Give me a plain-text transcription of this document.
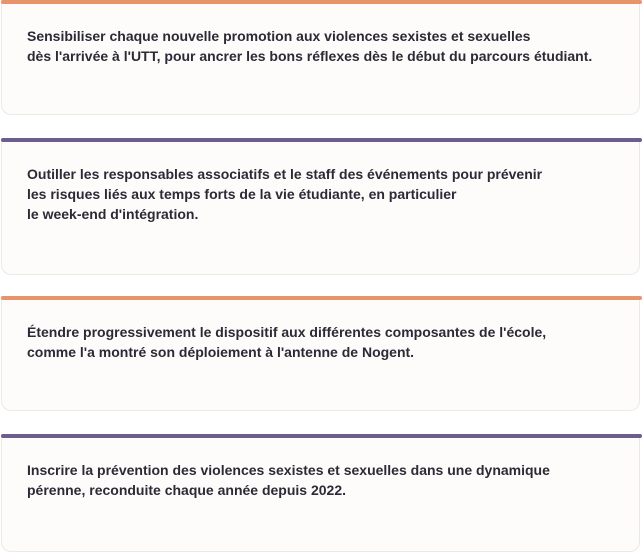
Sensibiliser chaque nouvelle promotion aux violences sexistes et sexuelles
dès l'arrivée à l'UTT, pour ancrer les bons réflexes dès le début du parcours étudiant.

Outiller les responsables associatifs et le staff des événements pour prévenir
les risques liés aux temps forts de la vie étudiante, en particulier
le week-end d'intégration.

Étendre progressivement le dispositif aux différentes composantes de l'école,
comme l'a montré son déploiement à l'antenne de Nogent.

Inscrire la prévention des violences sexistes et sexuelles dans une dynamique
pérenne, reconduite chaque année depuis 2022.
